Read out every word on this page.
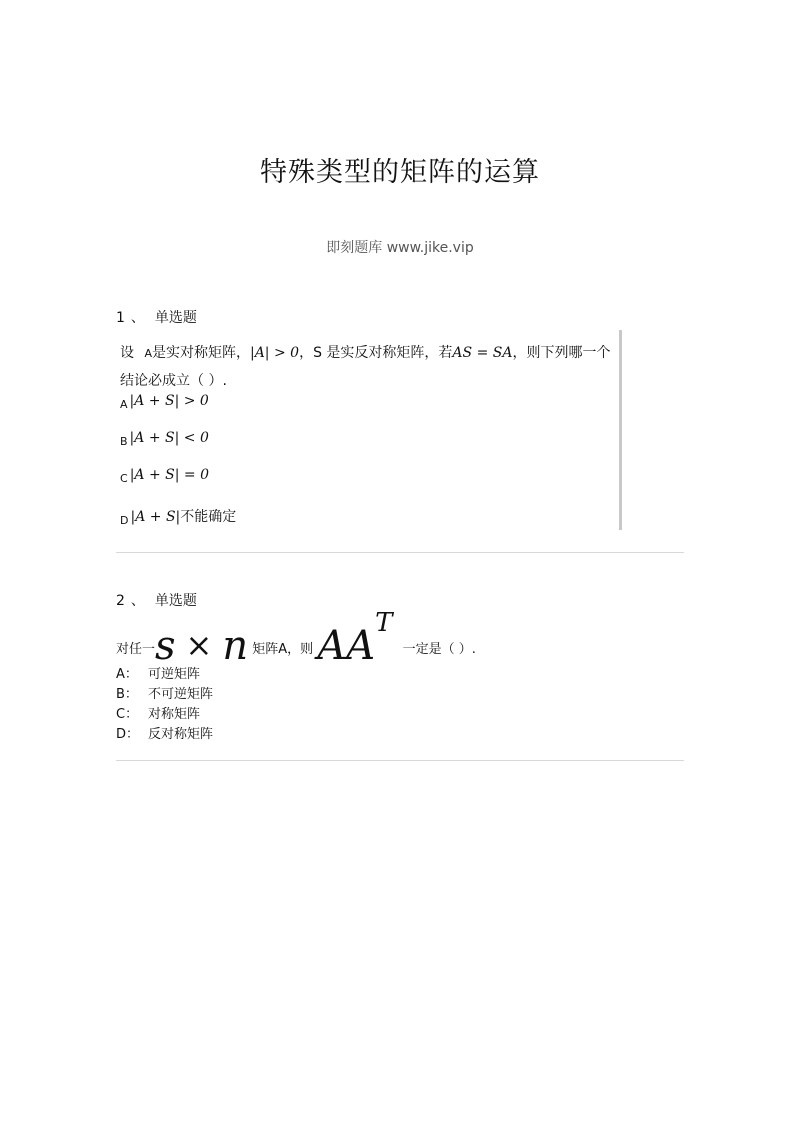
特殊类型的矩阵的运算
即刻题库 www.jike.vip
1 、 单选题
设 A是实对称矩阵，|A| > 0，S 是实反对称矩阵，若AS = SA，则下列哪一个
结论必成立（ ）.
$_A$ |A + S| > 0
$_B$ |A + S| < 0
$_C$ |A + S| = 0
$_D$ |A + S|不能确定
2 、 单选题
对任一s × n 矩阵A，则 AAT 一定是（ ）.
A： 可逆矩阵
B： 不可逆矩阵
C： 对称矩阵
D： 反对称矩阵
